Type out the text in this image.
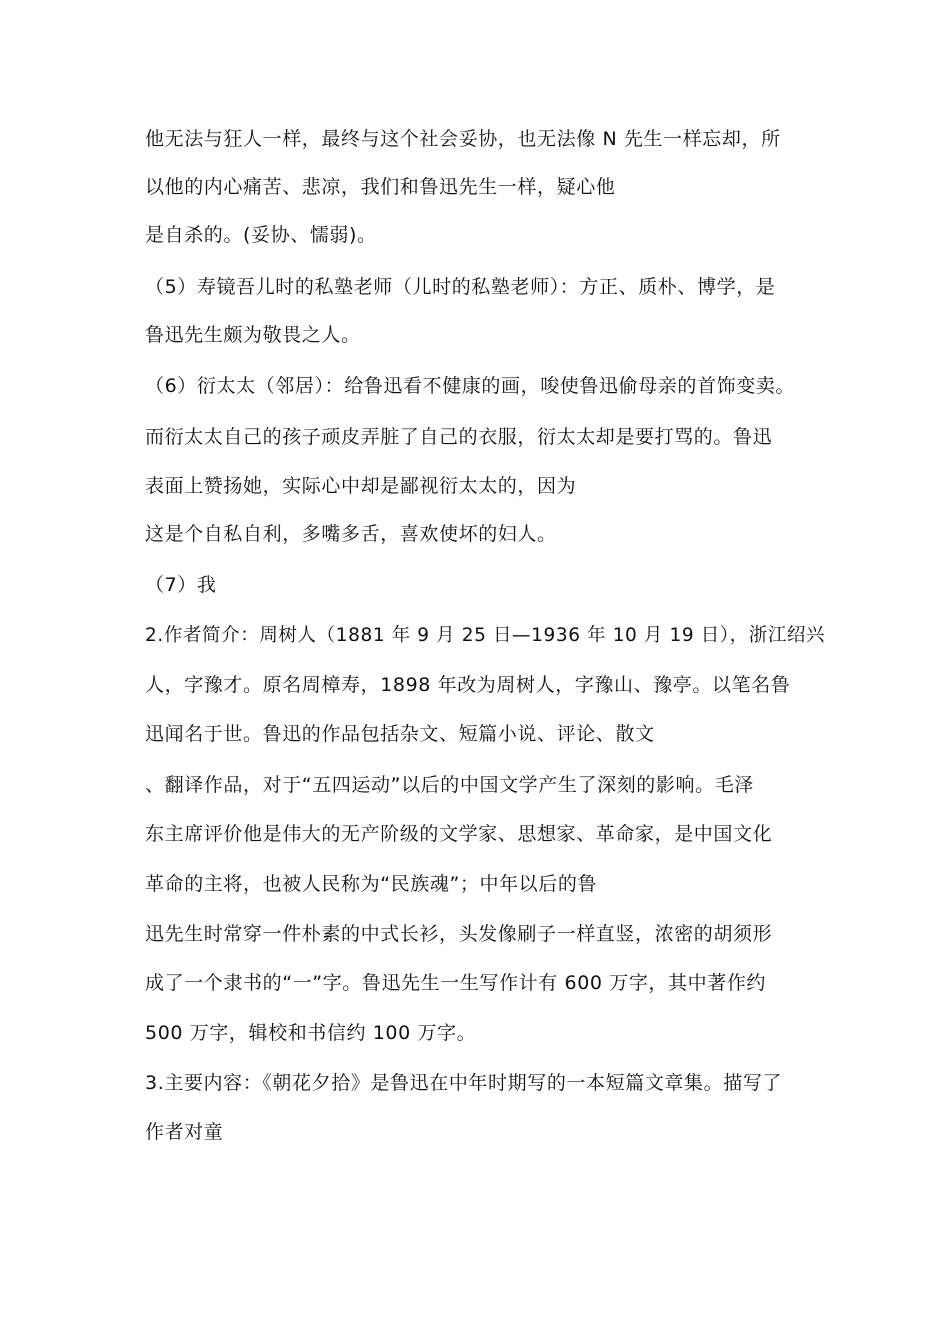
他无法与狂人一样，最终与这个社会妥协，也无法像 N 先生一样忘却，所

以他的内心痛苦、悲凉，我们和鲁迅先生一样，疑心他

是自杀的。(妥协、懦弱)。

（5）寿镜吾儿时的私塾老师（儿时的私塾老师）：方正、质朴、博学，是

鲁迅先生颇为敬畏之人。

（6）衍太太（邻居）：给鲁迅看不健康的画，唆使鲁迅偷母亲的首饰变卖。

而衍太太自己的孩子顽皮弄脏了自己的衣服，衍太太却是要打骂的。鲁迅

表面上赞扬她，实际心中却是鄙视衍太太的，因为

这是个自私自利，多嘴多舌，喜欢使坏的妇人。

（7）我

2.作者简介：周树人（1881 年 9 月 25 日—1936 年 10 月 19 日），浙江绍兴

人，字豫才。原名周樟寿，1898 年改为周树人，字豫山、豫亭。以笔名鲁

迅闻名于世。鲁迅的作品包括杂文、短篇小说、评论、散文

、翻译作品，对于“五四运动”以后的中国文学产生了深刻的影响。毛泽

东主席评价他是伟大的无产阶级的文学家、思想家、革命家，是中国文化

革命的主将，也被人民称为“民族魂”；中年以后的鲁

迅先生时常穿一件朴素的中式长衫，头发像刷子一样直竖，浓密的胡须形

成了一个隶书的“一”字。鲁迅先生一生写作计有 600 万字，其中著作约

500 万字，辑校和书信约 100 万字。

3.主要内容：《朝花夕拾》是鲁迅在中年时期写的一本短篇文章集。描写了

作者对童
